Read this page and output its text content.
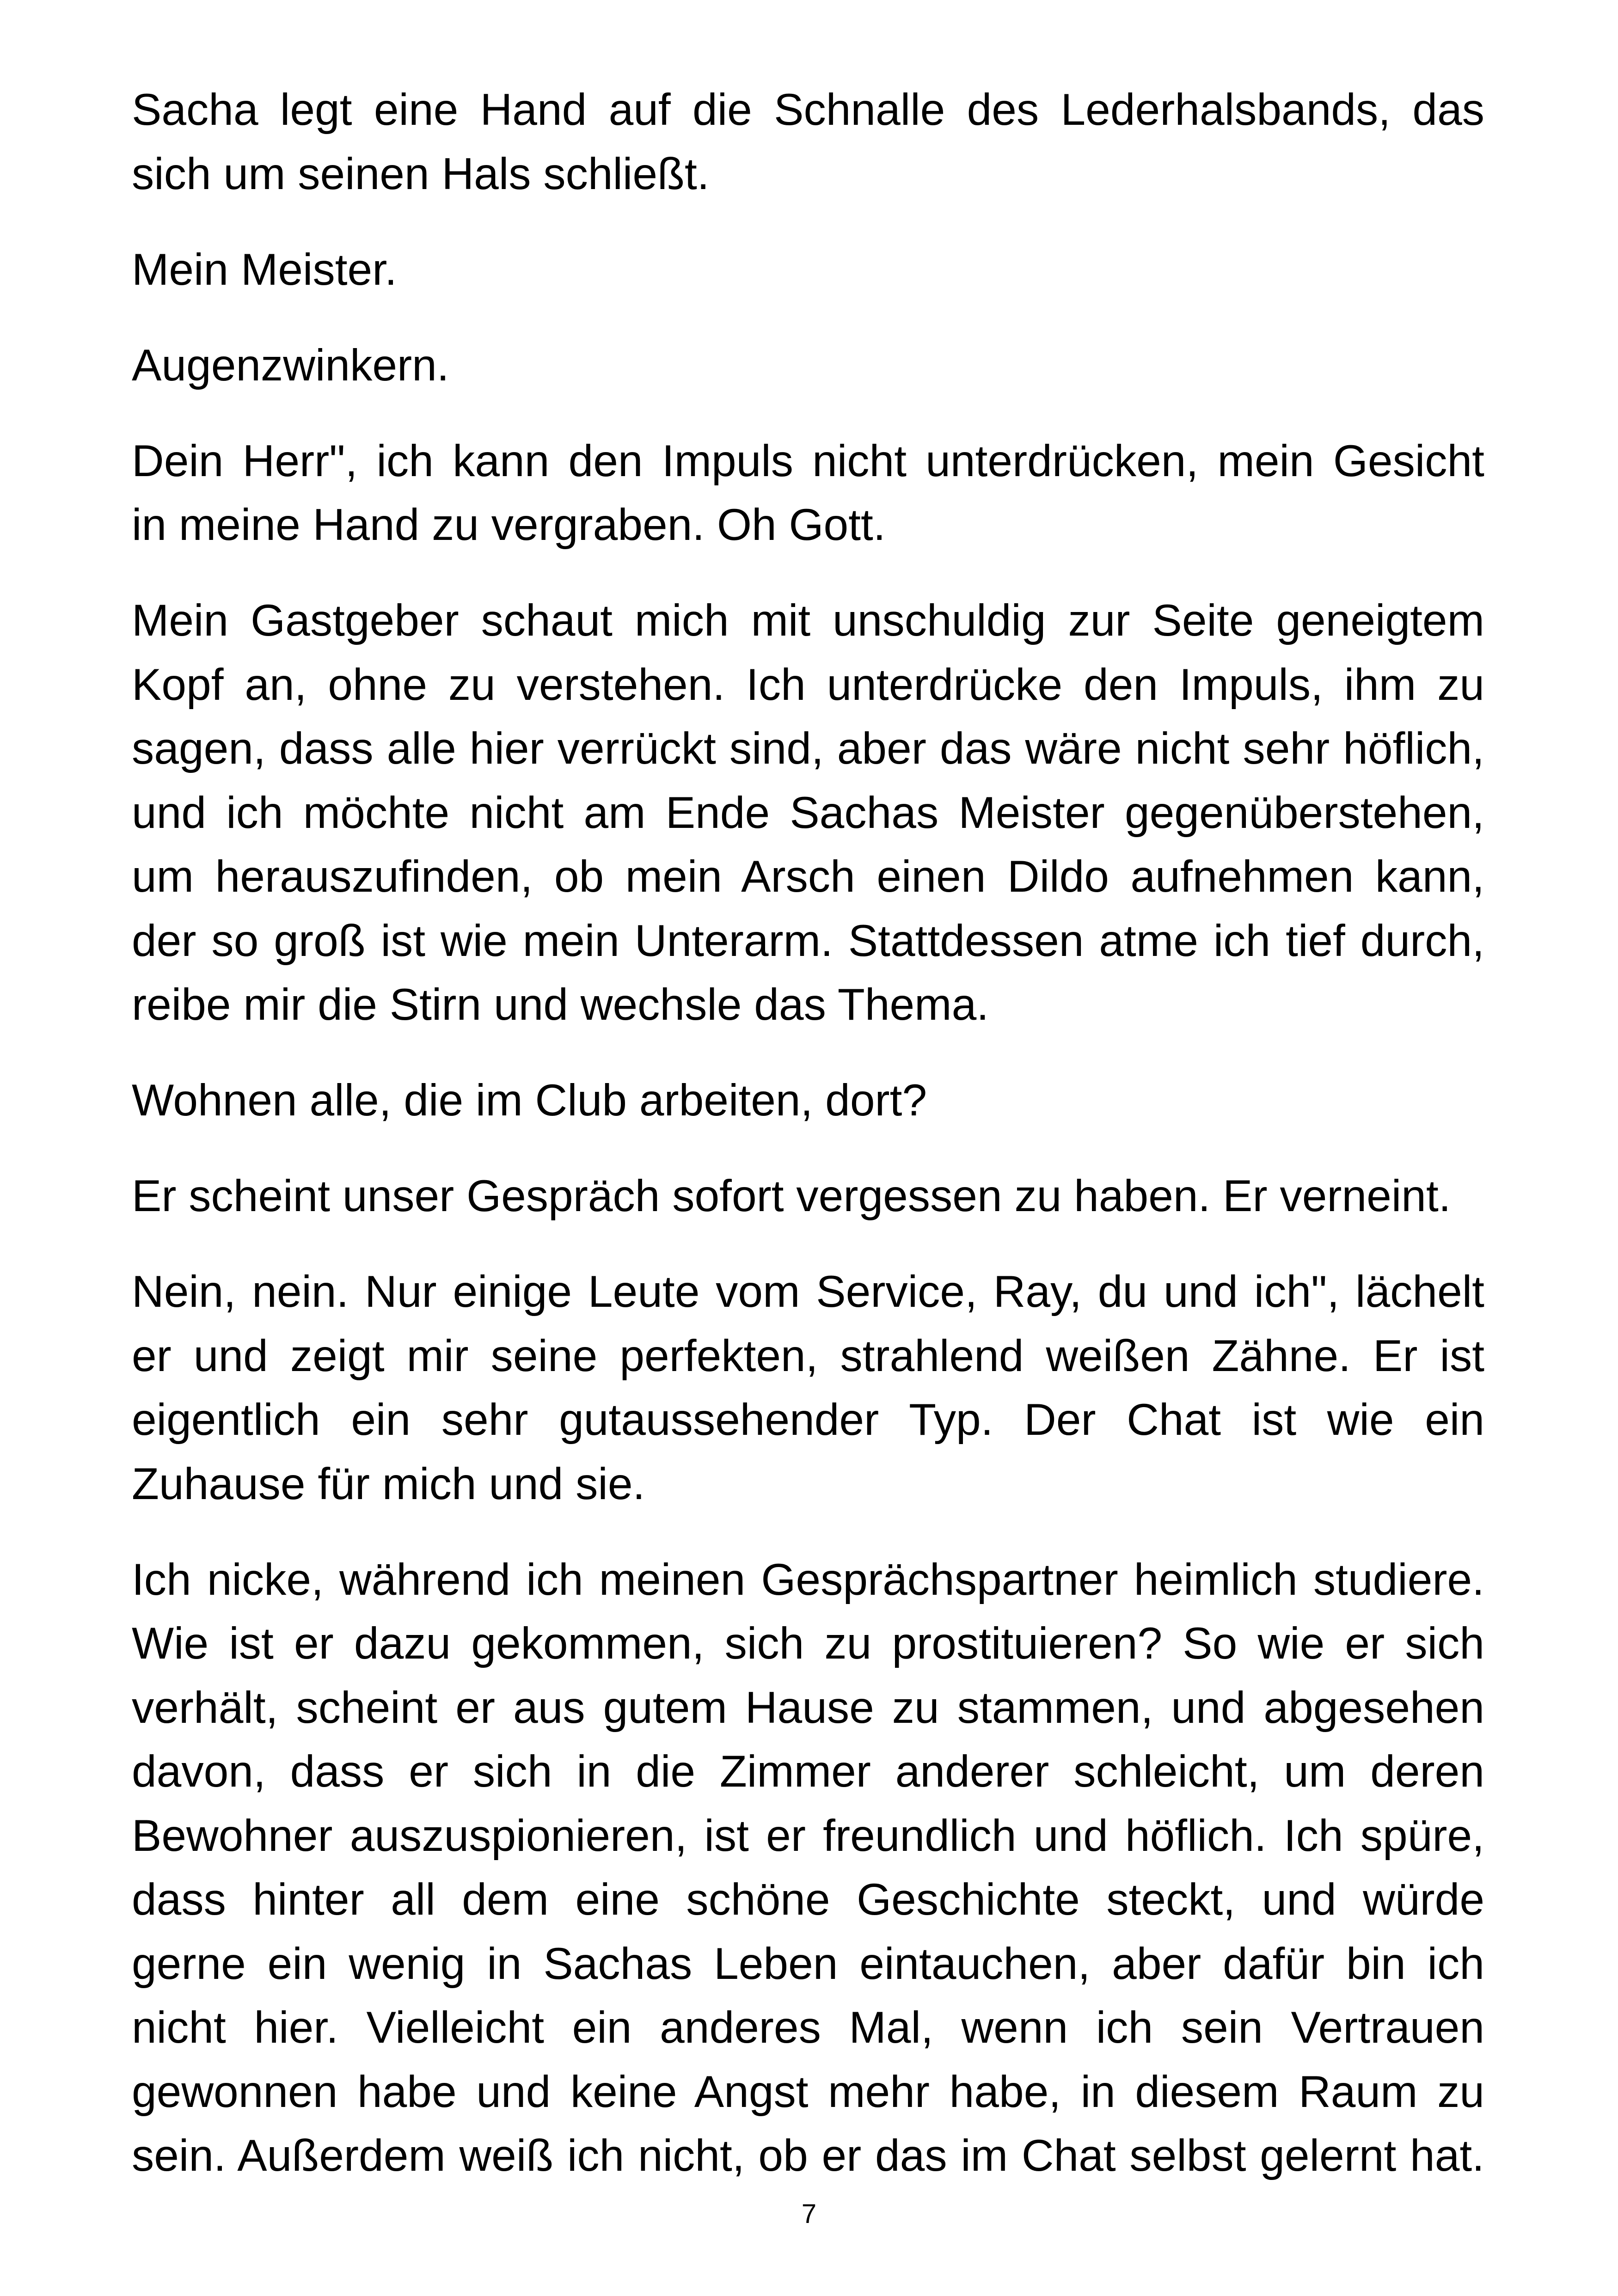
Sacha legt eine Hand auf die Schnalle des Lederhalsbands, das
sich um seinen Hals schließt.
Mein Meister.
Augenzwinkern.
Dein Herr", ich kann den Impuls nicht unterdrücken, mein Gesicht
in meine Hand zu vergraben. Oh Gott.
Mein Gastgeber schaut mich mit unschuldig zur Seite geneigtem
Kopf an, ohne zu verstehen. Ich unterdrücke den Impuls, ihm zu
sagen, dass alle hier verrückt sind, aber das wäre nicht sehr höflich,
und ich möchte nicht am Ende Sachas Meister gegenüberstehen,
um herauszufinden, ob mein Arsch einen Dildo aufnehmen kann,
der so groß ist wie mein Unterarm. Stattdessen atme ich tief durch,
reibe mir die Stirn und wechsle das Thema.
Wohnen alle, die im Club arbeiten, dort?
Er scheint unser Gespräch sofort vergessen zu haben. Er verneint.
Nein, nein. Nur einige Leute vom Service, Ray, du und ich", lächelt
er und zeigt mir seine perfekten, strahlend weißen Zähne. Er ist
eigentlich ein sehr gutaussehender Typ. Der Chat ist wie ein
Zuhause für mich und sie.
Ich nicke, während ich meinen Gesprächspartner heimlich studiere.
Wie ist er dazu gekommen, sich zu prostituieren? So wie er sich
verhält, scheint er aus gutem Hause zu stammen, und abgesehen
davon, dass er sich in die Zimmer anderer schleicht, um deren
Bewohner auszuspionieren, ist er freundlich und höflich. Ich spüre,
dass hinter all dem eine schöne Geschichte steckt, und würde
gerne ein wenig in Sachas Leben eintauchen, aber dafür bin ich
nicht hier. Vielleicht ein anderes Mal, wenn ich sein Vertrauen
gewonnen habe und keine Angst mehr habe, in diesem Raum zu
sein. Außerdem weiß ich nicht, ob er das im Chat selbst gelernt hat.
7
